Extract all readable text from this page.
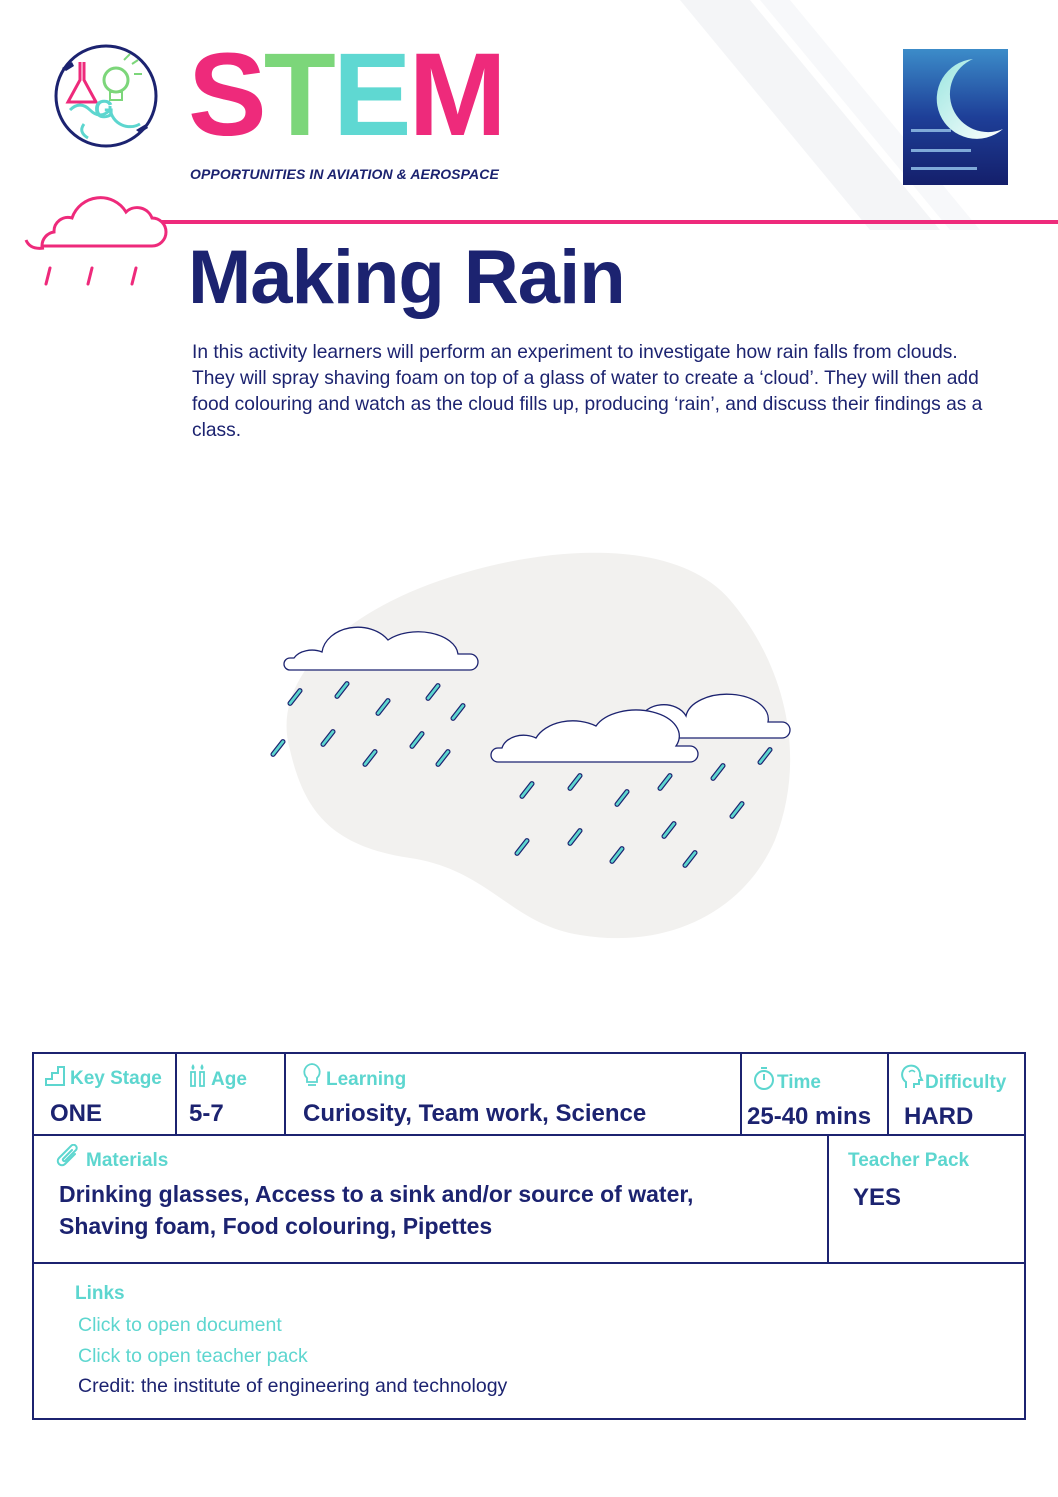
G STEM
OPPORTUNITIES IN AVIATION & AEROSPACE
Making Rain
In this activity learners will perform an experiment to investigate how rain falls from clouds.
They will spray shaving foam on top of a glass of water to create a ‘cloud’. They will then add
food colouring and watch as the cloud fills up, producing ‘rain’, and discuss their findings as a
class.
Key Stage
ONE
Age
5-7
Learning
Curiosity, Team work, Science
Time
25-40 mins
Difficulty
HARD
Materials
Drinking glasses, Access to a sink and/or source of water,
Shaving foam, Food colouring, Pipettes
Teacher Pack
YES
Links
Click to open document
Click to open teacher pack
Credit: the institute of engineering and technology
